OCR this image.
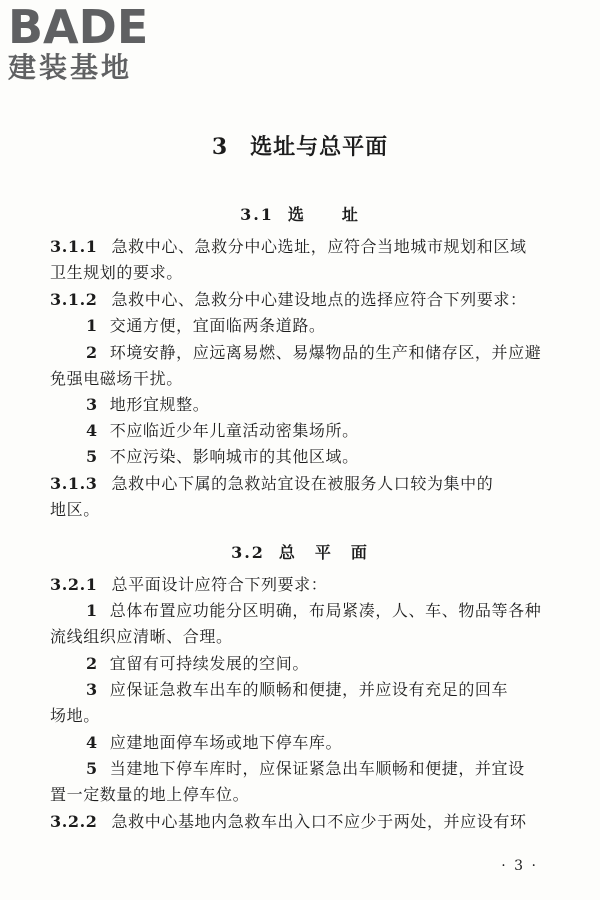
BADE
建装基地
3 选址与总平面
3.1 选　　址
3.1.1 急救中心、急救分中心选址，应符合当地城市规划和区域
卫生规划的要求。
3.1.2 急救中心、急救分中心建设地点的选择应符合下列要求：
1 交通方便，宜面临两条道路。
2 环境安静，应远离易燃、易爆物品的生产和储存区，并应避
免强电磁场干扰。
3 地形宜规整。
4 不应临近少年儿童活动密集场所。
5 不应污染、影响城市的其他区域。
3.1.3 急救中心下属的急救站宜设在被服务人口较为集中的
地区。
3.2 总　平　面
3.2.1 总平面设计应符合下列要求：
1 总体布置应功能分区明确，布局紧凑，人、车、物品等各种
流线组织应清晰、合理。
2 宜留有可持续发展的空间。
3 应保证急救车出车的顺畅和便捷，并应设有充足的回车
场地。
4 应建地面停车场或地下停车库。
5 当建地下停车库时，应保证紧急出车顺畅和便捷，并宜设
置一定数量的地上停车位。
3.2.2 急救中心基地内急救车出入口不应少于两处，并应设有环
· 3 ·
